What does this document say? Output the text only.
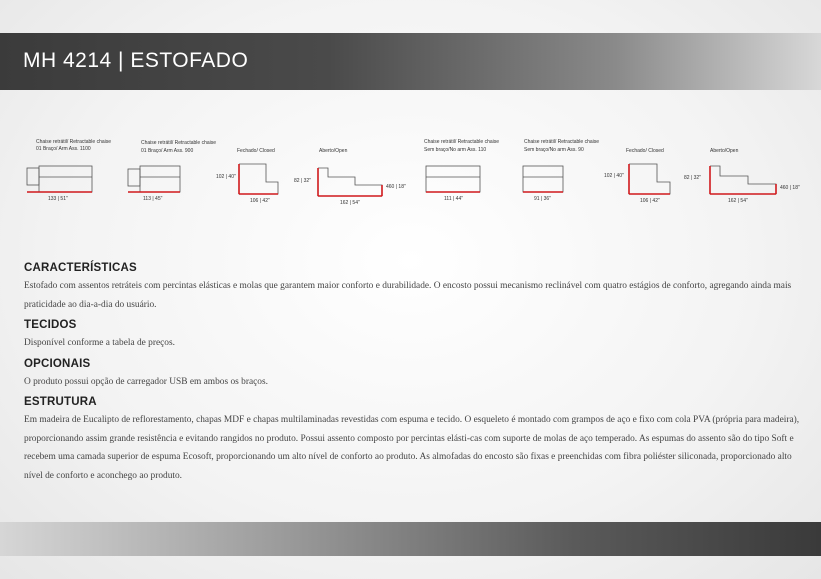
MH 4214 | ESTOFADO
Chaise retrátil/ Retractable chaise
01 Braço/ Arm Ass. 1100
133 | 51"
Chaise retrátil/ Retractable chaise
01 Braço/ Arm Ass. 900
113 | 45"
Fechado/ Closed
102 | 40"
106 | 42"
Aberto/Open
82 | 32"
460 | 18"
162 | 54"
Chaise retrátil/ Retractable chaise
Sem braço/No arm Ass. 110
111 | 44"
Chaise retrátil/ Retractable chaise
Sem braço/No arm Ass. 90
91 | 36"
Fechado/ Closed
102 | 40"
106 | 42"
Aberto/Open
82 | 32"
460 | 18"
162 | 54"
CARACTERÍSTICAS

Estofado com assentos retráteis com percintas elásticas e molas que garantem maior conforto e durabilidade. O encosto possui mecanismo reclinável com quatro estágios de conforto, agregando ainda mais praticidade ao dia-a-dia do usuário.

TECIDOS

Disponível conforme a tabela de preços.

OPCIONAIS

O produto possui opção de carregador USB em ambos os braços.

ESTRUTURA

Em madeira de Eucalipto de reflorestamento, chapas MDF e chapas multilaminadas revestidas com espuma e tecido. O esqueleto é montado com grampos de aço e fixo com cola PVA (própria para madeira), proporcionando assim grande resistência e evitando rangidos no produto. Possui assento composto por percintas elásti-cas com suporte de molas de aço temperado. As espumas do assento são do tipo Soft e recebem uma camada superior de espuma Ecosoft, proporcionando um alto nível de conforto ao produto. As almofadas do encosto são fixas e preenchidas com fibra poliéster siliconada, proporcionado alto nível de conforto e aconchego ao produto.
